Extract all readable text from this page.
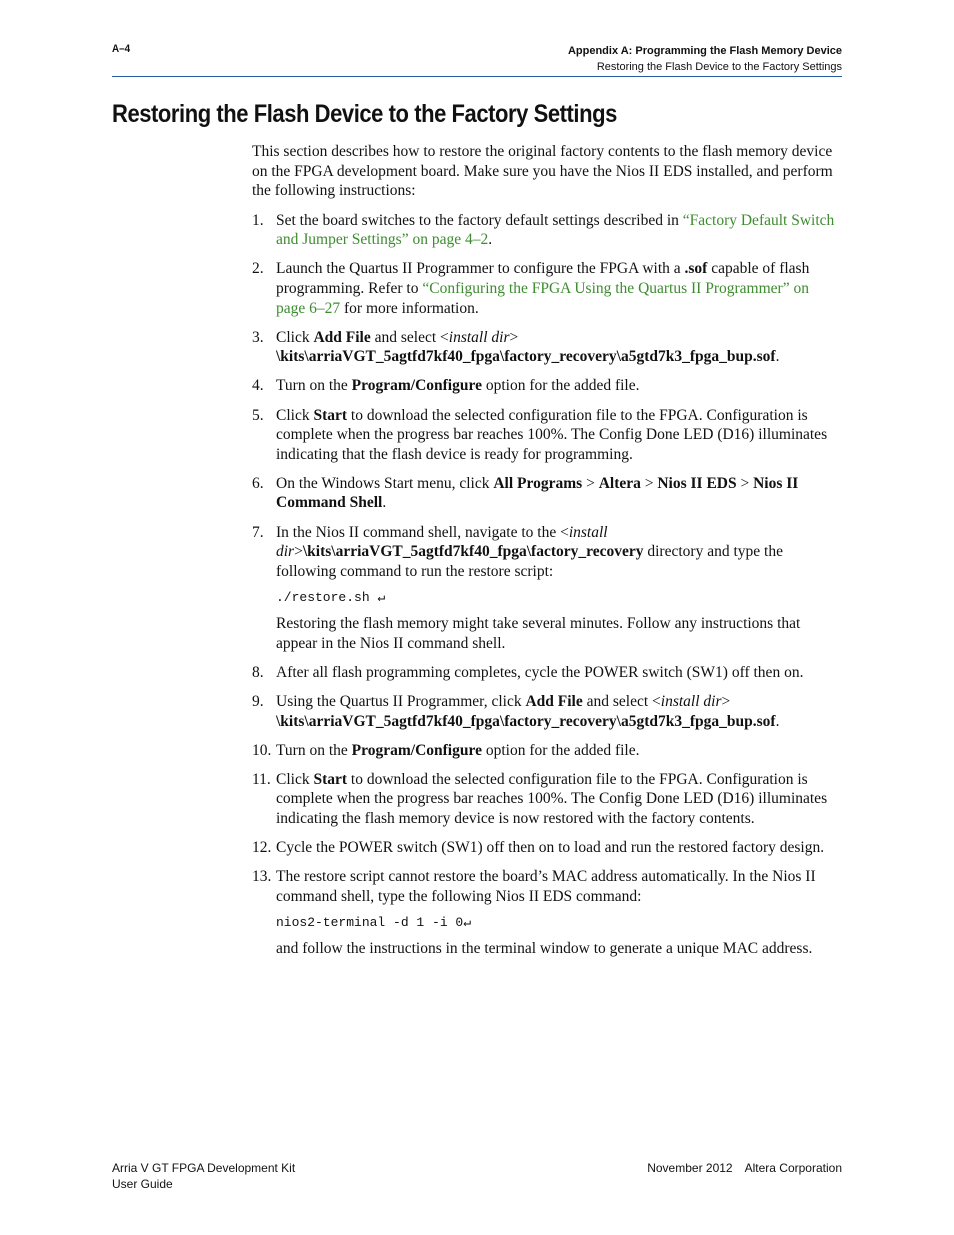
A–4	Appendix A: Programming the Flash Memory Device
Restoring the Flash Device to the Factory Settings
Restoring the Flash Device to the Factory Settings

This section describes how to restore the original factory contents to the flash memory device on the FPGA development board. Make sure you have the Nios II EDS installed, and perform the following instructions:

1. Set the board switches to the factory default settings described in “Factory Default Switch and Jumper Settings” on page 4–2.
2. Launch the Quartus II Programmer to configure the FPGA with a .sof capable of flash programming. Refer to “Configuring the FPGA Using the Quartus II Programmer” on page 6–27 for more information.
3. Click Add File and select <install dir>
\kits\arriaVGT_5agtfd7kf40_fpga\factory_recovery\a5gtd7k3_fpga_bup.sof.
4. Turn on the Program/Configure option for the added file.
5. Click Start to download the selected configuration file to the FPGA. Configuration is complete when the progress bar reaches 100%. The Config Done LED (D16) illuminates indicating that the flash device is ready for programming.
6. On the Windows Start menu, click All Programs > Altera > Nios II EDS > Nios II Command Shell.
7. In the Nios II command shell, navigate to the <install dir>\kits\arriaVGT_5agtfd7kf40_fpga\factory_recovery directory and type the following command to run the restore script:

./restore.sh ↵

Restoring the flash memory might take several minutes. Follow any instructions that appear in the Nios II command shell.

8. After all flash programming completes, cycle the POWER switch (SW1) off then on.
9. Using the Quartus II Programmer, click Add File and select <install dir>
\kits\arriaVGT_5agtfd7kf40_fpga\factory_recovery\a5gtd7k3_fpga_bup.sof.
10. Turn on the Program/Configure option for the added file.
11. Click Start to download the selected configuration file to the FPGA. Configuration is complete when the progress bar reaches 100%. The Config Done LED (D16) illuminates indicating the flash memory device is now restored with the factory contents.
12. Cycle the POWER switch (SW1) off then on to load and run the restored factory design.
13. The restore script cannot restore the board’s MAC address automatically. In the Nios II command shell, type the following Nios II EDS command:

nios2-terminal -d 1 -i 0↵

and follow the instructions in the terminal window to generate a unique MAC address.

Arria V GT FPGA Development Kit
User Guide
November 2012 Altera Corporation
